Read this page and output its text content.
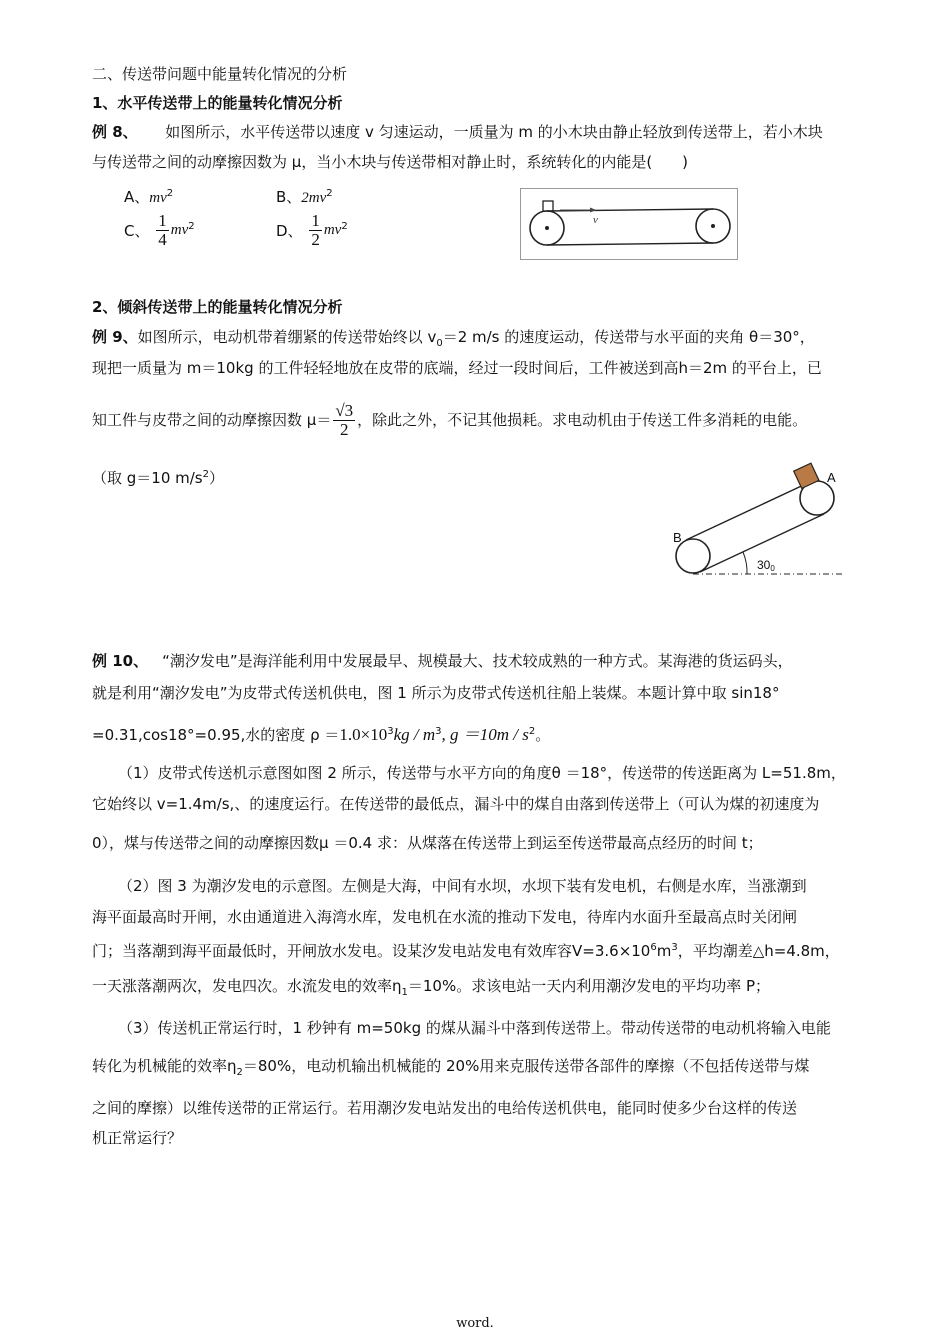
二、传送带问题中能量转化情况的分析
1、水平传送带上的能量转化情况分析
例 8、 如图所示，水平传送带以速度 v 匀速运动，一质量为 m 的小木块由静止轻放到传送带上，若小木块
与传送带之间的动摩擦因数为 μ，当小木块与传送带相对静止时，系统转化的内能是(　　)
A、$mv^2$	B、$2mv^2$
C、 $\frac{1}{4} mv^2$	D、 $\frac{1}{2} mv^2$
v
2、倾斜传送带上的能量转化情况分析
例 9、如图所示，电动机带着绷紧的传送带始终以 $v_0=2$ m/s 的速度运动，传送带与水平面的夹角 θ＝30°，
现把一质量为 m＝10kg 的工件轻轻地放在皮带的底端，经过一段时间后，工件被送到高h＝2m 的平台上，已
知工件与皮带之间的动摩擦因数 $\mu= \frac{√3}{2}$ ，除此之外，不记其他损耗。求电动机由于传送工件多消耗的电能。
（取 g＝10 $m/s^2$）	A
B
300
例 10、 “潮汐发电”是海洋能利用中发展最早、规模最大、技术较成熟的一种方式。某海港的货运码头，
就是利用“潮汐发电”为皮带式传送机供电，图 1 所示为皮带式传送机往船上装煤。本题计算中取 sin18°
=0.31,cos18°=0.95,水的密度 $\rho =1.0\times 10^3kg / m^3$, $g =10m / s^2$。
（1）皮带式传送机示意图如图 2 所示，传送带与水平方向的角度θ ＝18°，传送带的传送距离为 L=51.8m，
它始终以 v=1.4m/s,、的速度运行。在传送带的最低点，漏斗中的煤自由落到传送带上（可认为煤的初速度为
0），煤与传送带之间的动摩擦因数μ ＝0.4 求：从煤落在传送带上到运至传送带最高点经历的时间 t；
（2）图 3 为潮汐发电的示意图。左侧是大海，中间有水坝，水坝下装有发电机，右侧是水库，当涨潮到
海平面最高时开闸，水由通道进入海湾水库，发电机在水流的推动下发电，待库内水面升至最高点时关闭闸
门；当落潮到海平面最低时，开闸放水发电。设某汐发电站发电有效库容$V=3.6\times 10^6m^3$，平均潮差△h=4.8m，
一天涨落潮两次，发电四次。水流发电的效率$\eta_1=10\%$。求该电站一天内利用潮汐发电的平均功率 P；
（3）传送机正常运行时，1 秒钟有 m=50kg 的煤从漏斗中落到传送带上。带动传送带的电动机将输入电能
转化为机械能的效率$\eta_2=80\%$，电动机输出机械能的 20%用来克服传送带各部件的摩擦（不包括传送带与煤
之间的摩擦）以维传送带的正常运行。若用潮汐发电站发出的电给传送机供电，能同时使多少台这样的传送
机正常运行？
word.
